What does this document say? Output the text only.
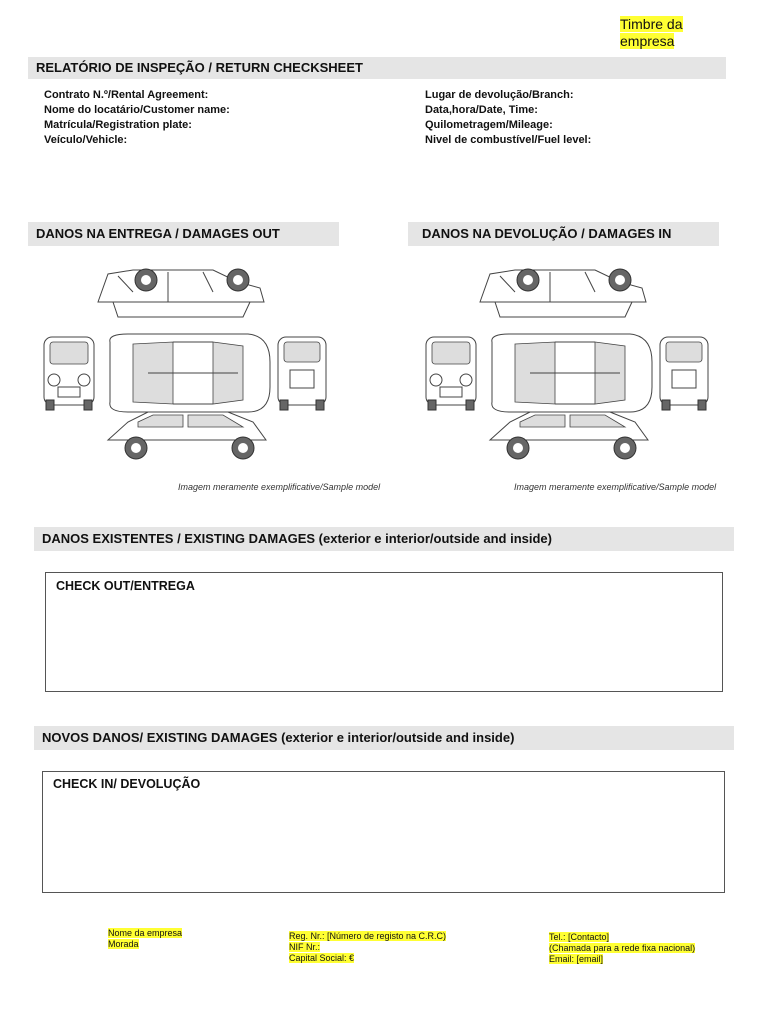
Timbre da
empresa
RELATÓRIO DE INSPEÇÃO / RETURN CHECKSHEET
Contrato N.º/Rental Agreement:
Nome do locatário/Customer name:
Matrícula/Registration plate:
Veículo/Vehicle:
Lugar de devolução/Branch:
Data,hora/Date, Time:
Quilometragem/Mileage:
Nivel de combustível/Fuel level:
DANOS NA ENTREGA / DAMAGES OUT	DANOS NA DEVOLUÇÃO / DAMAGES IN
Imagem meramente exemplificative/Sample model	Imagem meramente exemplificative/Sample model
DANOS EXISTENTES / EXISTING DAMAGES (exterior e interior/outside and inside)
CHECK OUT/ENTREGA
NOVOS DANOS/ EXISTING DAMAGES (exterior e interior/outside and inside)
CHECK IN/ DEVOLUÇÃO
Nome da empresa
Morada
Reg. Nr.: [Número de registo na C.R.C)
NIF Nr.:
Capital Social: €
Tel.: [Contacto]
(Chamada para a rede fixa nacional)
Email: [email]
